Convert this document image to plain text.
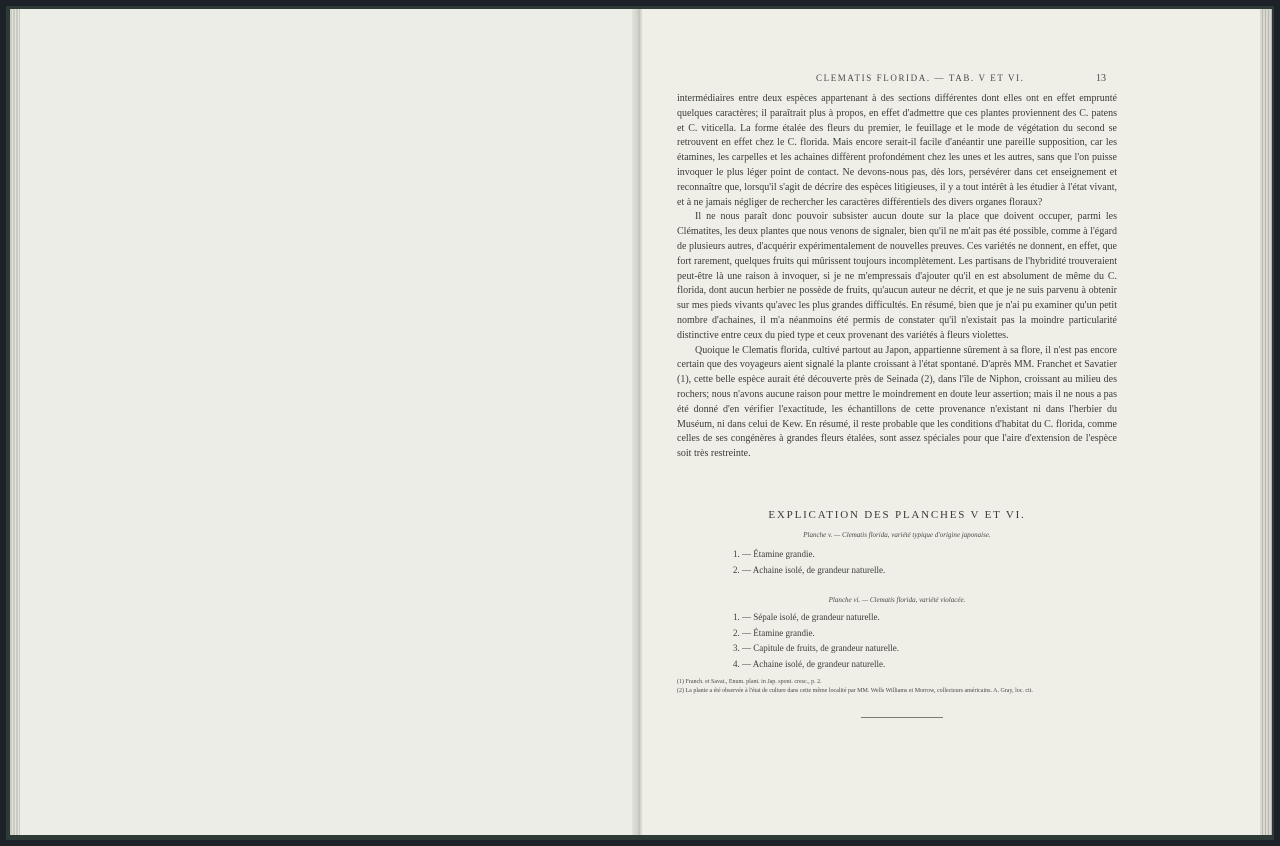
CLEMATIS FLORIDA. — TAB. V ET VI.	13

intermédiaires entre deux espèces appartenant à des sections différentes dont elles ont en effet emprunté quelques caractères; il paraîtrait plus à propos, en effet d'admettre que ces plantes proviennent des C. patens et C. viticella. La forme étalée des fleurs du premier, le feuillage et le mode de végétation du second se retrouvent en effet chez le C. florida. Mais encore serait-il facile d'anéantir une pareille supposition, car les étamines, les carpelles et les achaines diffèrent profondément chez les unes et les autres, sans que l'on puisse invoquer le plus léger point de contact. Ne devons-nous pas, dès lors, persévérer dans cet enseignement et reconnaître que, lorsqu'il s'agit de décrire des espèces litigieuses, il y a tout intérêt à les étudier à l'état vivant, et à ne jamais négliger de rechercher les caractères différentiels des divers organes floraux?

Il ne nous paraît donc pouvoir subsister aucun doute sur la place que doivent occuper, parmi les Clématites, les deux plantes que nous venons de signaler, bien qu'il ne m'ait pas été possible, comme à l'égard de plusieurs autres, d'acquérir expérimentalement de nouvelles preuves. Ces variétés ne donnent, en effet, que fort rarement, quelques fruits qui mûrissent toujours incomplètement. Les partisans de l'hybridité trouveraient peut-être là une raison à invoquer, si je ne m'empressais d'ajouter qu'il en est absolument de même du C. florida, dont aucun herbier ne possède de fruits, qu'aucun auteur ne décrit, et que je ne suis parvenu à obtenir sur mes pieds vivants qu'avec les plus grandes difficultés. En résumé, bien que je n'ai pu examiner qu'un petit nombre d'achaines, il m'a néanmoins été permis de constater qu'il n'existait pas la moindre particularité distinctive entre ceux du pied type et ceux provenant des variétés à fleurs violettes.

Quoique le Clematis florida, cultivé partout au Japon, appartienne sûrement à sa flore, il n'est pas encore certain que des voyageurs aient signalé la plante croissant à l'état spontané. D'après MM. Franchet et Savatier (1), cette belle espèce aurait été découverte près de Seinada (2), dans l'île de Niphon, croissant au milieu des rochers; nous n'avons aucune raison pour mettre le moindrement en doute leur assertion; mais il ne nous a pas été donné d'en vérifier l'exactitude, les échantillons de cette provenance n'existant ni dans l'herbier du Muséum, ni dans celui de Kew. En résumé, il reste probable que les conditions d'habitat du C. florida, comme celles de ses congénères à grandes fleurs étalées, sont assez spéciales pour que l'aire d'extension de l'espèce soit très restreinte.

EXPLICATION DES PLANCHES V ET VI.
Planche v. — Clematis florida, variété typique d'origine japonaise.
1. — Étamine grandie.
2. — Achaine isolé, de grandeur naturelle.
Planche vi. — Clematis florida, variété violacée.
1. — Sépale isolé, de grandeur naturelle.
2. — Étamine grandie.
3. — Capitule de fruits, de grandeur naturelle.
4. — Achaine isolé, de grandeur naturelle.
(1) Franch. et Savat., Enum. plant. in Jap. spont. cresc., p. 2.
(2) La plante a été observée à l'état de culture dans cette même localité par MM. Wells Williams et Morrow, collecteurs américains. A. Gray, loc. cit.
